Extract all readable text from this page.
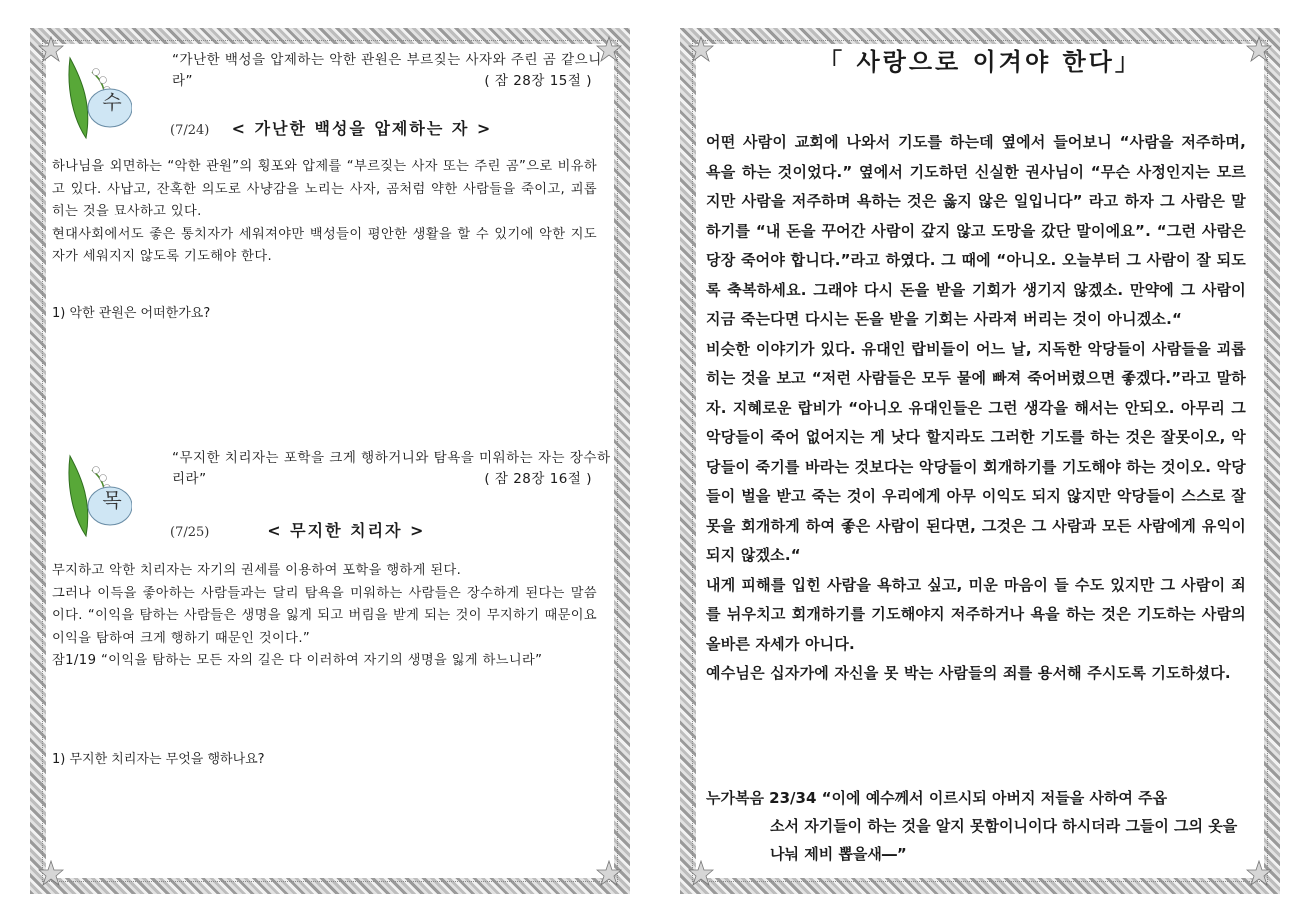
수
“가난한 백성을 압제하는 악한 관원은 부르짖는 사자와 주린 곰 같으니라”	( 잠 28장 15절 )
(7/24) < 가난한 백성을 압제하는 자 >

하나님을 외면하는 “악한 관원”의 횡포와 압제를 “부르짖는 사자 또는 주린 곰”으로 비유하고 있다. 사납고, 잔혹한 의도로 사냥감을 노리는 사자, 곰처럼 약한 사람들을 죽이고, 괴롭히는 것을 묘사하고 있다.

현대사회에서도 좋은 통치자가 세워져야만 백성들이 평안한 생활을 할 수 있기에 악한 지도자가 세워지지 않도록 기도해야 한다.

1) 악한 관원은 어떠한가요?
목
“무지한 치리자는 포학을 크게 행하거니와 탐욕을 미워하는 자는 장수하리라”	( 잠 28장 16절 )
(7/25)	< 무지한 치리자 >

무지하고 악한 치리자는 자기의 권세를 이용하여 포학을 행하게 된다.

그러나 이득을 좋아하는 사람들과는 달리 탐욕을 미워하는 사람들은 장수하게 된다는 말씀이다. “이익을 탐하는 사람들은 생명을 잃게 되고 버림을 받게 되는 것이 무지하기 때문이요 이익을 탐하여 크게 행하기 때문인 것이다.”

잠1/19 “이익을 탐하는 모든 자의 길은 다 이러하여 자기의 생명을 잃게 하느니라”

1) 무지한 치리자는 무엇을 행하나요?
「 사랑으로 이겨야 한다」

어떤 사람이 교회에 나와서 기도를 하는데 옆에서 들어보니 “사람을 저주하며, 욕을 하는 것이었다.” 옆에서 기도하던 신실한 권사님이 “무슨 사정인지는 모르지만 사람을 저주하며 욕하는 것은 옳지 않은 일입니다” 라고 하자 그 사람은 말하기를 “내 돈을 꾸어간 사람이 갚지 않고 도망을 갔단 말이에요”. “그런 사람은 당장 죽어야 합니다.”라고 하였다. 그 때에 “아니오. 오늘부터 그 사람이 잘 되도록 축복하세요. 그래야 다시 돈을 받을 기회가 생기지 않겠소. 만약에 그 사람이 지금 죽는다면 다시는 돈을 받을 기회는 사라져 버리는 것이 아니겠소.“

비슷한 이야기가 있다. 유대인 랍비들이 어느 날, 지독한 악당들이 사람들을 괴롭히는 것을 보고 “저런 사람들은 모두 물에 빠져 죽어버렸으면 좋겠다.”라고 말하자. 지혜로운 랍비가 “아니오 유대인들은 그런 생각을 해서는 안되오. 아무리 그 악당들이 죽어 없어지는 게 낫다 할지라도 그러한 기도를 하는 것은 잘못이오, 악당들이 죽기를 바라는 것보다는 악당들이 회개하기를 기도해야 하는 것이오. 악당들이 벌을 받고 죽는 것이 우리에게 아무 이익도 되지 않지만 악당들이 스스로 잘못을 회개하게 하여 좋은 사람이 된다면, 그것은 그 사람과 모든 사람에게 유익이 되지 않겠소.“

내게 피해를 입힌 사람을 욕하고 싶고, 미운 마음이 들 수도 있지만 그 사람이 죄를 뉘우치고 회개하기를 기도해야지 저주하거나 욕을 하는 것은 기도하는 사람의 올바른 자세가 아니다.

예수님은 십자가에 자신을 못 박는 사람들의 죄를 용서해 주시도록 기도하셨다.

누가복음 23/34 “이에 예수께서 이르시되 아버지 저들을 사하여 주옵
소서 자기들이 하는 것을 알지 못함이니이다 하시더라 그들이 그의 옷을 나눠 제비 뽑을새―”
